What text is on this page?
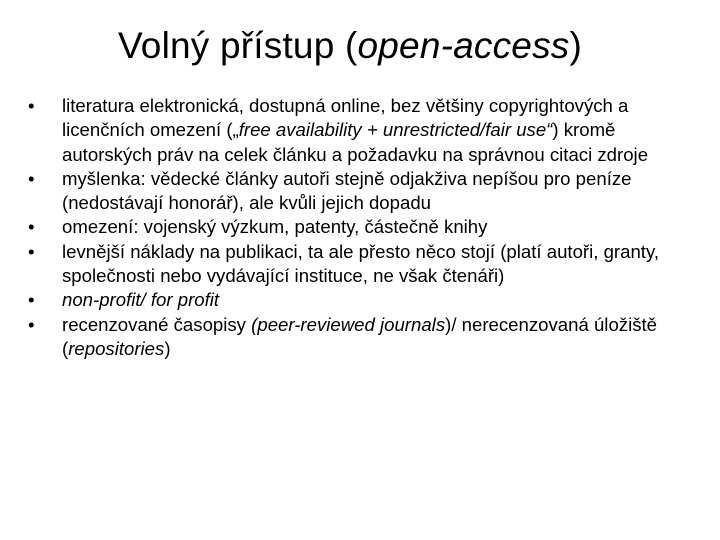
Volný přístup (open-access)
•	literatura elektronická, dostupná online, bez většiny copyrightových a licenčních omezení („free availability + unrestricted/fair use“) kromě autorských práv na celek článku a požadavku na správnou citaci zdroje
•	myšlenka: vědecké články autoři stejně odjakživa nepíšou pro peníze (nedostávají honorář), ale kvůli jejich dopadu
•	omezení: vojenský výzkum, patenty, částečně knihy
•	levnější náklady na publikaci, ta ale přesto něco stojí (platí autoři, granty, společnosti nebo vydávající instituce, ne však čtenáři)
•	non-profit/ for profit
•	recenzované časopisy (peer-reviewed journals)/ nerecenzovaná úložiště (repositories)
